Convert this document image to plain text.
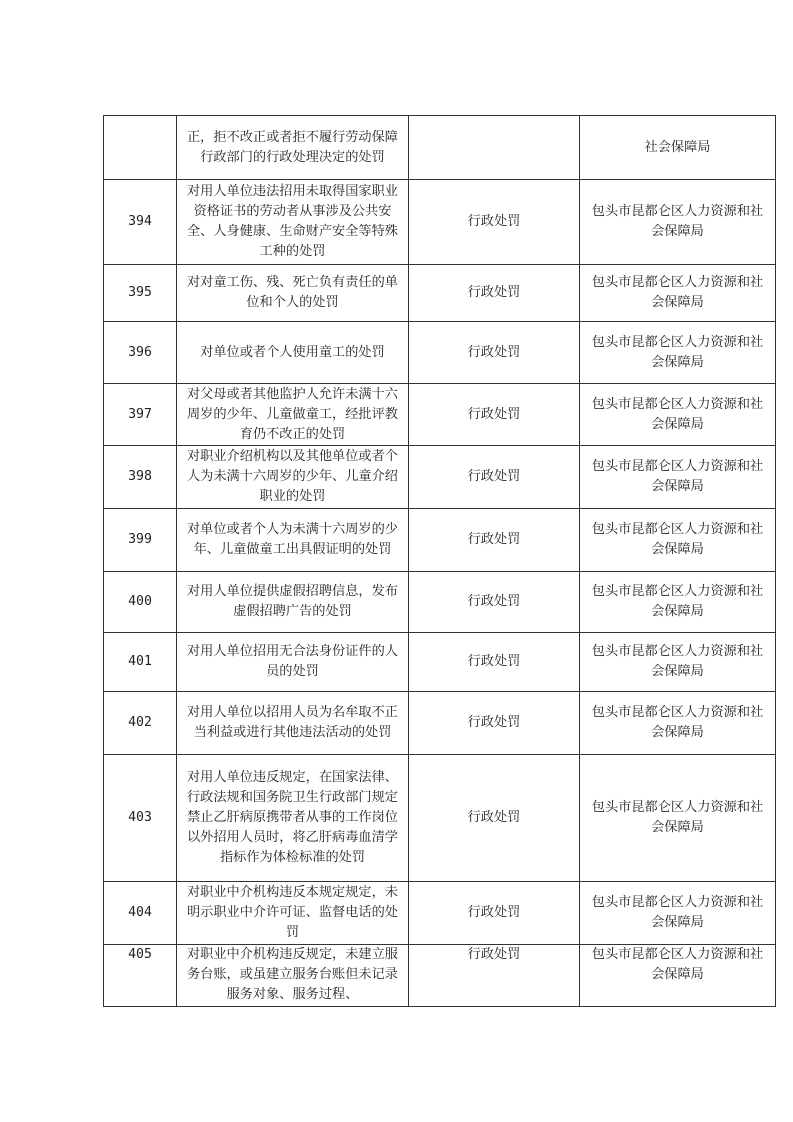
	正，拒不改正或者拒不履行劳动保障行政部门的行政处理决定的处罚		社会保障局
394	对用人单位违法招用未取得国家职业资格证书的劳动者从事涉及公共安全、人身健康、生命财产安全等特殊工种的处罚	行政处罚	包头市昆都仑区人力资源和社会保障局
395	对对童工伤、残、死亡负有责任的单位和个人的处罚	行政处罚	包头市昆都仑区人力资源和社会保障局
396	对单位或者个人使用童工的处罚	行政处罚	包头市昆都仑区人力资源和社会保障局
397	对父母或者其他监护人允许未满十六周岁的少年、儿童做童工，经批评教育仍不改正的处罚	行政处罚	包头市昆都仑区人力资源和社会保障局
398	对职业介绍机构以及其他单位或者个人为未满十六周岁的少年、儿童介绍职业的处罚	行政处罚	包头市昆都仑区人力资源和社会保障局
399	对单位或者个人为未满十六周岁的少年、儿童做童工出具假证明的处罚	行政处罚	包头市昆都仑区人力资源和社会保障局
400	对用人单位提供虚假招聘信息，发布虚假招聘广告的处罚	行政处罚	包头市昆都仑区人力资源和社会保障局
401	对用人单位招用无合法身份证件的人员的处罚	行政处罚	包头市昆都仑区人力资源和社会保障局
402	对用人单位以招用人员为名牟取不正当利益或进行其他违法活动的处罚	行政处罚	包头市昆都仑区人力资源和社会保障局
403	对用人单位违反规定，在国家法律、行政法规和国务院卫生行政部门规定禁止乙肝病原携带者从事的工作岗位以外招用人员时，将乙肝病毒血清学指标作为体检标准的处罚	行政处罚	包头市昆都仑区人力资源和社会保障局
404	对职业中介机构违反本规定规定，未明示职业中介许可证、监督电话的处罚	行政处罚	包头市昆都仑区人力资源和社会保障局
405	对职业中介机构违反规定，未建立服务台账，或虽建立服务台账但未记录服务对象、服务过程、	行政处罚	包头市昆都仑区人力资源和社会保障局
